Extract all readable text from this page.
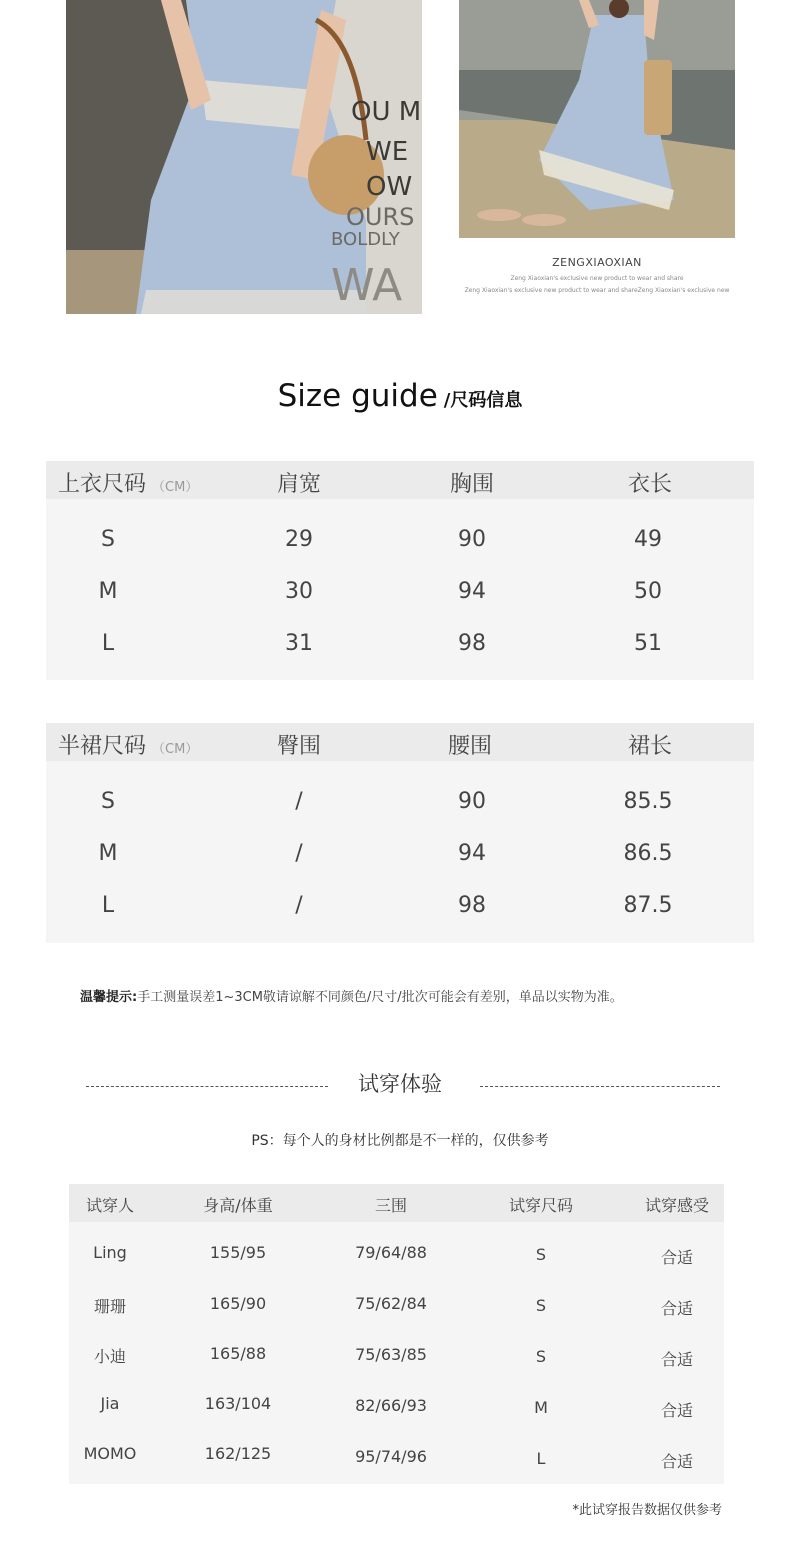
OU M
WE
OW
OURS
BOLDLY
WA	ZENGXIAOXIAN
Zeng Xiaoxian's exclusive new product to wear and share
Zeng Xiaoxian's exclusive new product to wear and shareZeng Xiaoxian's exclusive new
Size guide /尺码信息
上衣尺码 （CM）	肩宽	胸围	衣长
S	29	90	49
M	30	94	50
L	31	98	51
半裙尺码 （CM）	臀围	腰围	裙长
S	/	90	85.5
M	/	94	86.5
L	/	98	87.5
温馨提示:手工测量误差1~3CM敬请谅解不同颜色/尺寸/批次可能会有差别，单品以实物为准。
试穿体验
PS：每个人的身材比例都是不一样的，仅供参考
试穿人	身高/体重	三围	试穿尺码	试穿感受
Ling	155/95	79/64/88	S	合适
珊珊	165/90	75/62/84	S	合适
小迪	165/88	75/63/85	S	合适
Jia	163/104	82/66/93	M	合适
MOMO	162/125	95/74/96	L	合适
*此试穿报告数据仅供参考
